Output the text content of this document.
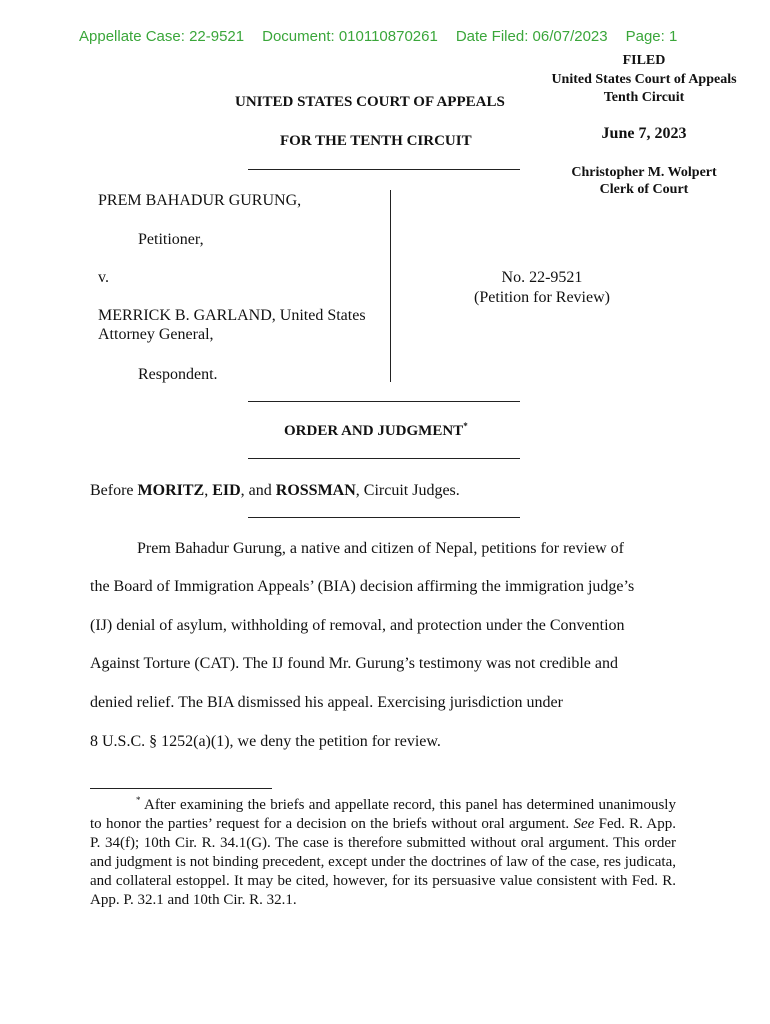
Appellate Case: 22-9521 Document: 010110870261 Date Filed: 06/07/2023 Page: 1
FILED
United States Court of Appeals
Tenth Circuit
June 7, 2023
Christopher M. Wolpert
Clerk of Court
UNITED STATES COURT OF APPEALS
FOR THE TENTH CIRCUIT
PREM BAHADUR GURUNG,
Petitioner,
v.
MERRICK B. GARLAND, United States
Attorney General,
Respondent.
No. 22-9521
(Petition for Review)
ORDER AND JUDGMENT*
Before MORITZ, EID, and ROSSMAN, Circuit Judges.
Prem Bahadur Gurung, a native and citizen of Nepal, petitions for review of
the Board of Immigration Appeals’ (BIA) decision affirming the immigration judge’s
(IJ) denial of asylum, withholding of removal, and protection under the Convention
Against Torture (CAT). The IJ found Mr. Gurung’s testimony was not credible and
denied relief. The BIA dismissed his appeal. Exercising jurisdiction under
8 U.S.C. § 1252(a)(1), we deny the petition for review.
* After examining the briefs and appellate record, this panel has determined unanimously to honor the parties’ request for a decision on the briefs without oral argument. See Fed. R. App. P. 34(f); 10th Cir. R. 34.1(G). The case is therefore submitted without oral argument. This order and judgment is not binding precedent, except under the doctrines of law of the case, res judicata, and collateral estoppel. It may be cited, however, for its persuasive value consistent with Fed. R. App. P. 32.1 and 10th Cir. R. 32.1.
